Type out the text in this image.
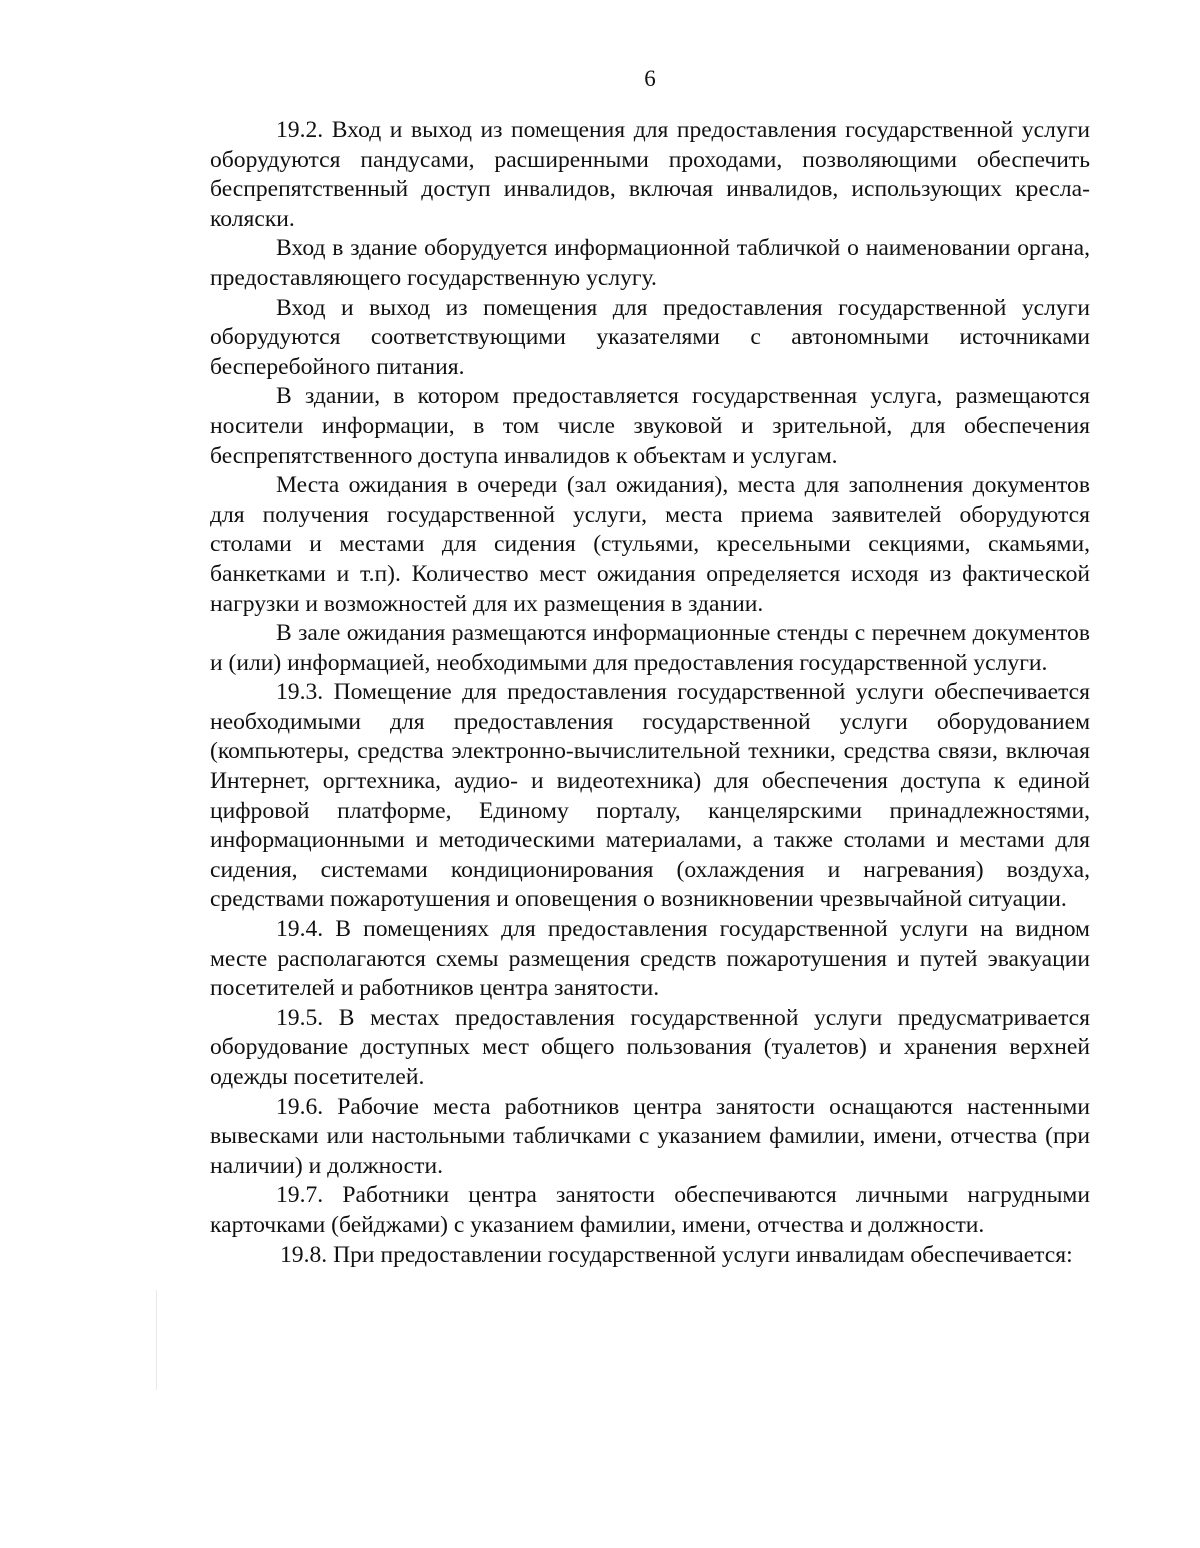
6

19.2. Вход и выход из помещения для предоставления государственной услуги оборудуются пандусами, расширенными проходами, позволяющими обеспечить беспрепятственный доступ инвалидов, включая инвалидов, использующих кресла-коляски.

Вход в здание оборудуется информационной табличкой о наименовании органа, предоставляющего государственную услугу.

Вход и выход из помещения для предоставления государственной услуги оборудуются соответствующими указателями с автономными источниками бесперебойного питания.

В здании, в котором предоставляется государственная услуга, размещаются носители информации, в том числе звуковой и зрительной, для обеспечения беспрепятственного доступа инвалидов к объектам и услугам.

Места ожидания в очереди (зал ожидания), места для заполнения документов для получения государственной услуги, места приема заявителей оборудуются столами и местами для сидения (стульями, кресельными секциями, скамьями, банкетками и т.п). Количество мест ожидания определяется исходя из фактической нагрузки и возможностей для их размещения в здании.

В зале ожидания размещаются информационные стенды с перечнем документов и (или) информацией, необходимыми для предоставления государственной услуги.

19.3. Помещение для предоставления государственной услуги обеспечивается необходимыми для предоставления государственной услуги оборудованием (компьютеры, средства электронно-вычислительной техники, средства связи, включая Интернет, оргтехника, аудио- и видеотехника) для обеспечения доступа к единой цифровой платформе, Единому порталу, канцелярскими принадлежностями, информационными и методическими материалами, а также столами и местами для сидения, системами кондиционирования (охлаждения и нагревания) воздуха, средствами пожаротушения и оповещения о возникновении чрезвычайной ситуации.

19.4. В помещениях для предоставления государственной услуги на видном месте располагаются схемы размещения средств пожаротушения и путей эвакуации посетителей и работников центра занятости.

19.5. В местах предоставления государственной услуги предусматривается оборудование доступных мест общего пользования (туалетов) и хранения верхней одежды посетителей.

19.6. Рабочие места работников центра занятости оснащаются настенными вывесками или настольными табличками с указанием фамилии, имени, отчества (при наличии) и должности.

19.7. Работники центра занятости обеспечиваются личными нагрудными карточками (бейджами) с указанием фамилии, имени, отчества и должности.

19.8. При предоставлении государственной услуги инвалидам обеспечивается:
